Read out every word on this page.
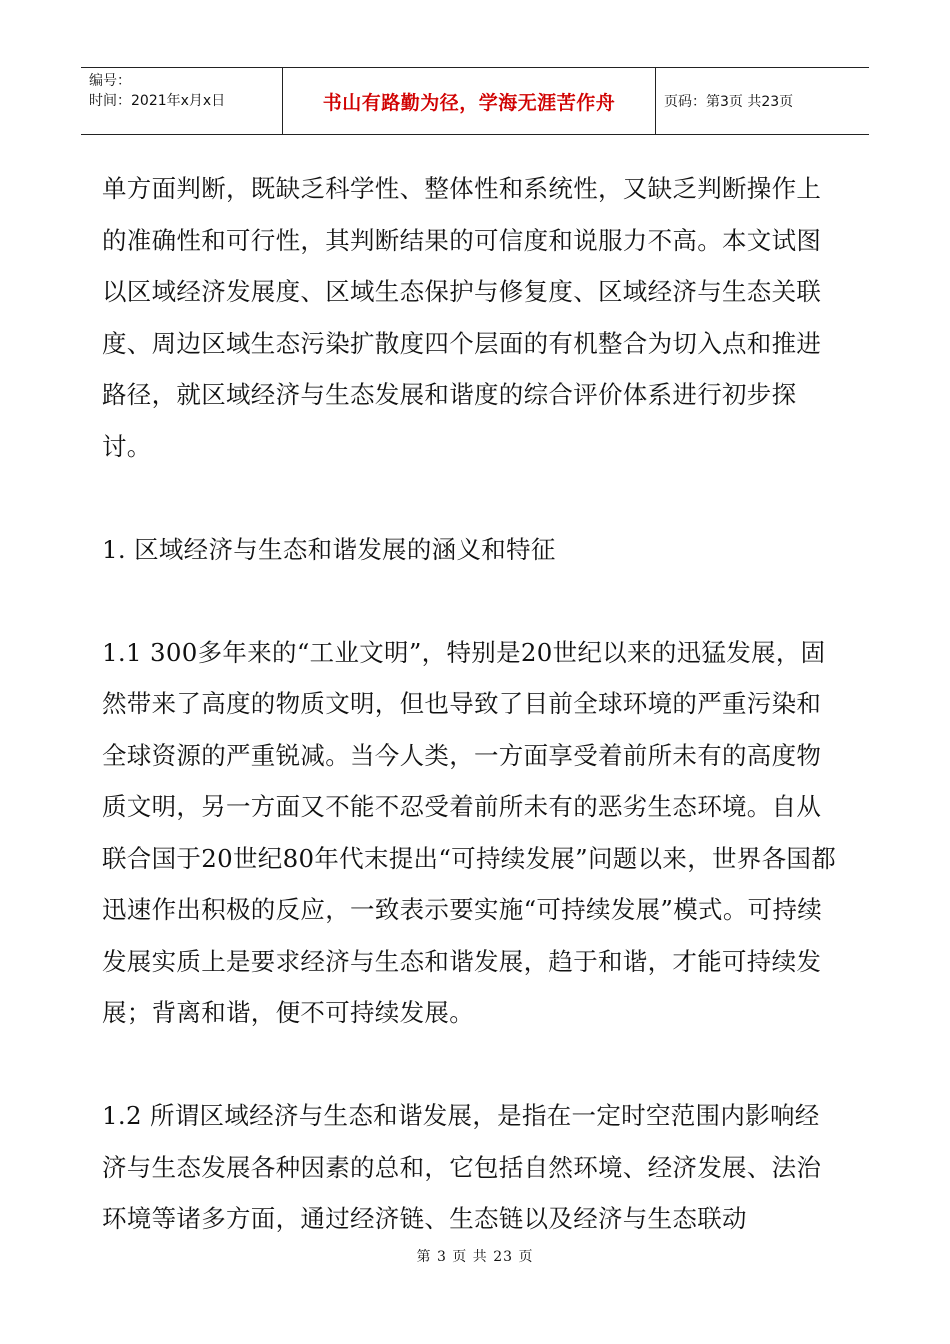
编号：
时间：2021年x月x日	书山有路勤为径，学海无涯苦作舟	页码：第3页 共23页

单方面判断，既缺乏科学性、整体性和系统性，又缺乏判断操作上的准确性和可行性，其判断结果的可信度和说服力不高。本文试图以区域经济发展度、区域生态保护与修复度、区域经济与生态关联度、周边区域生态污染扩散度四个层面的有机整合为切入点和推进路径，就区域经济与生态发展和谐度的综合评价体系进行初步探讨。

1. 区域经济与生态和谐发展的涵义和特征

1.1 300多年来的“工业文明”，特别是20世纪以来的迅猛发展，固然带来了高度的物质文明，但也导致了目前全球环境的严重污染和全球资源的严重锐减。当今人类，一方面享受着前所未有的高度物质文明，另一方面又不能不忍受着前所未有的恶劣生态环境。自从联合国于20世纪80年代末提出“可持续发展”问题以来，世界各国都迅速作出积极的反应，一致表示要实施“可持续发展”模式。可持续发展实质上是要求经济与生态和谐发展，趋于和谐，才能可持续发展；背离和谐，便不可持续发展。

1.2 所谓区域经济与生态和谐发展，是指在一定时空范围内影响经济与生态发展各种因素的总和，它包括自然环境、经济发展、法治环境等诸多方面，通过经济链、生态链以及经济与生态联动

第 3 页 共 23 页
